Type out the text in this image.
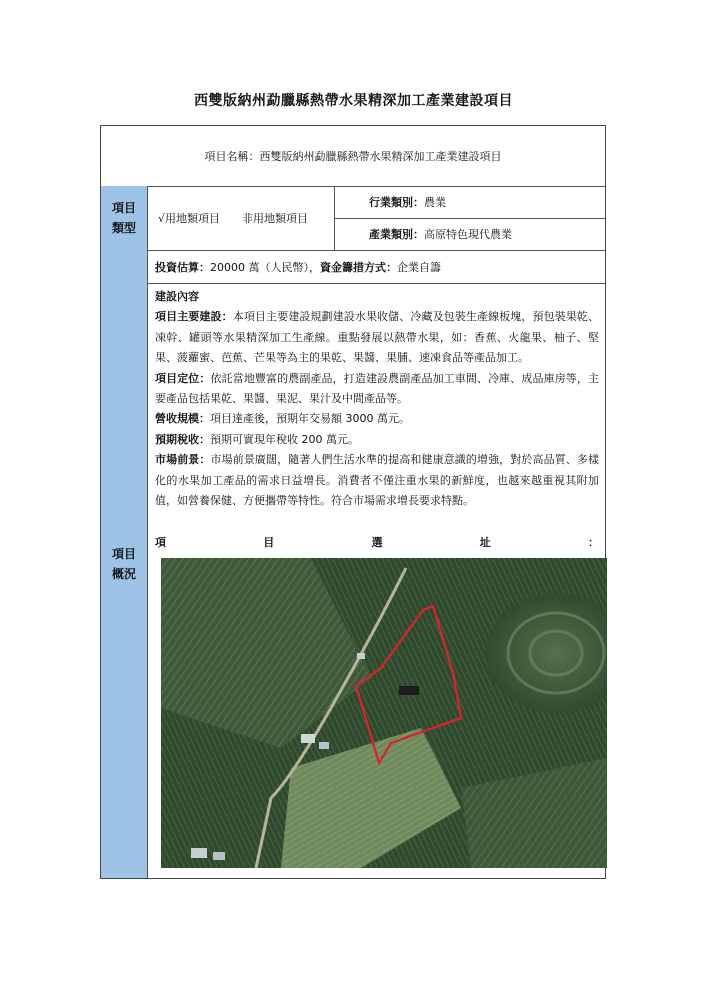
西雙版納州勐臘縣熱帶水果精深加工產業建設項目
項目名稱：西雙版納州勐臘縣熱帶水果精深加工產業建設項目
項目
類型
√用地類項目 非用地類項目
行業類別： 農業
產業類別： 高原特色現代農業
項目
概況
投資估算： 20000 萬（人民幣）， 資金籌措方式： 企業自籌

建設內容

項目主要建設：本項目主要建設規劃建設水果收儲、冷藏及包裝生產線板塊，預包裝果乾、凍幹、罐頭等水果精深加工生產線。重點發展以熱帶水果，如：香蕉、火龍果、柚子、堅果、菠蘿蜜、芭蕉、芒果等為主的果乾、果醬、果脯、速凍食品等產品加工。

項目定位：依託當地豐富的農副產品，打造建設農副產品加工車間、冷庫、成品庫房等，主要產品包括果乾、果醬、果泥、果汁及中間產品等。

營收規模：項目達產後，預期年交易額 3000 萬元。

預期稅收：預期可實現年稅收 200 萬元。

市場前景：市場前景廣闊，隨著人們生活水準的提高和健康意識的增強，對於高品質、多樣化的水果加工產品的需求日益增長。消費者不僅注重水果的新鮮度，也越來越重視其附加值，如營養保健、方便攜帶等特性。符合市場需求增長要求特點。

項	目	選	址	：
